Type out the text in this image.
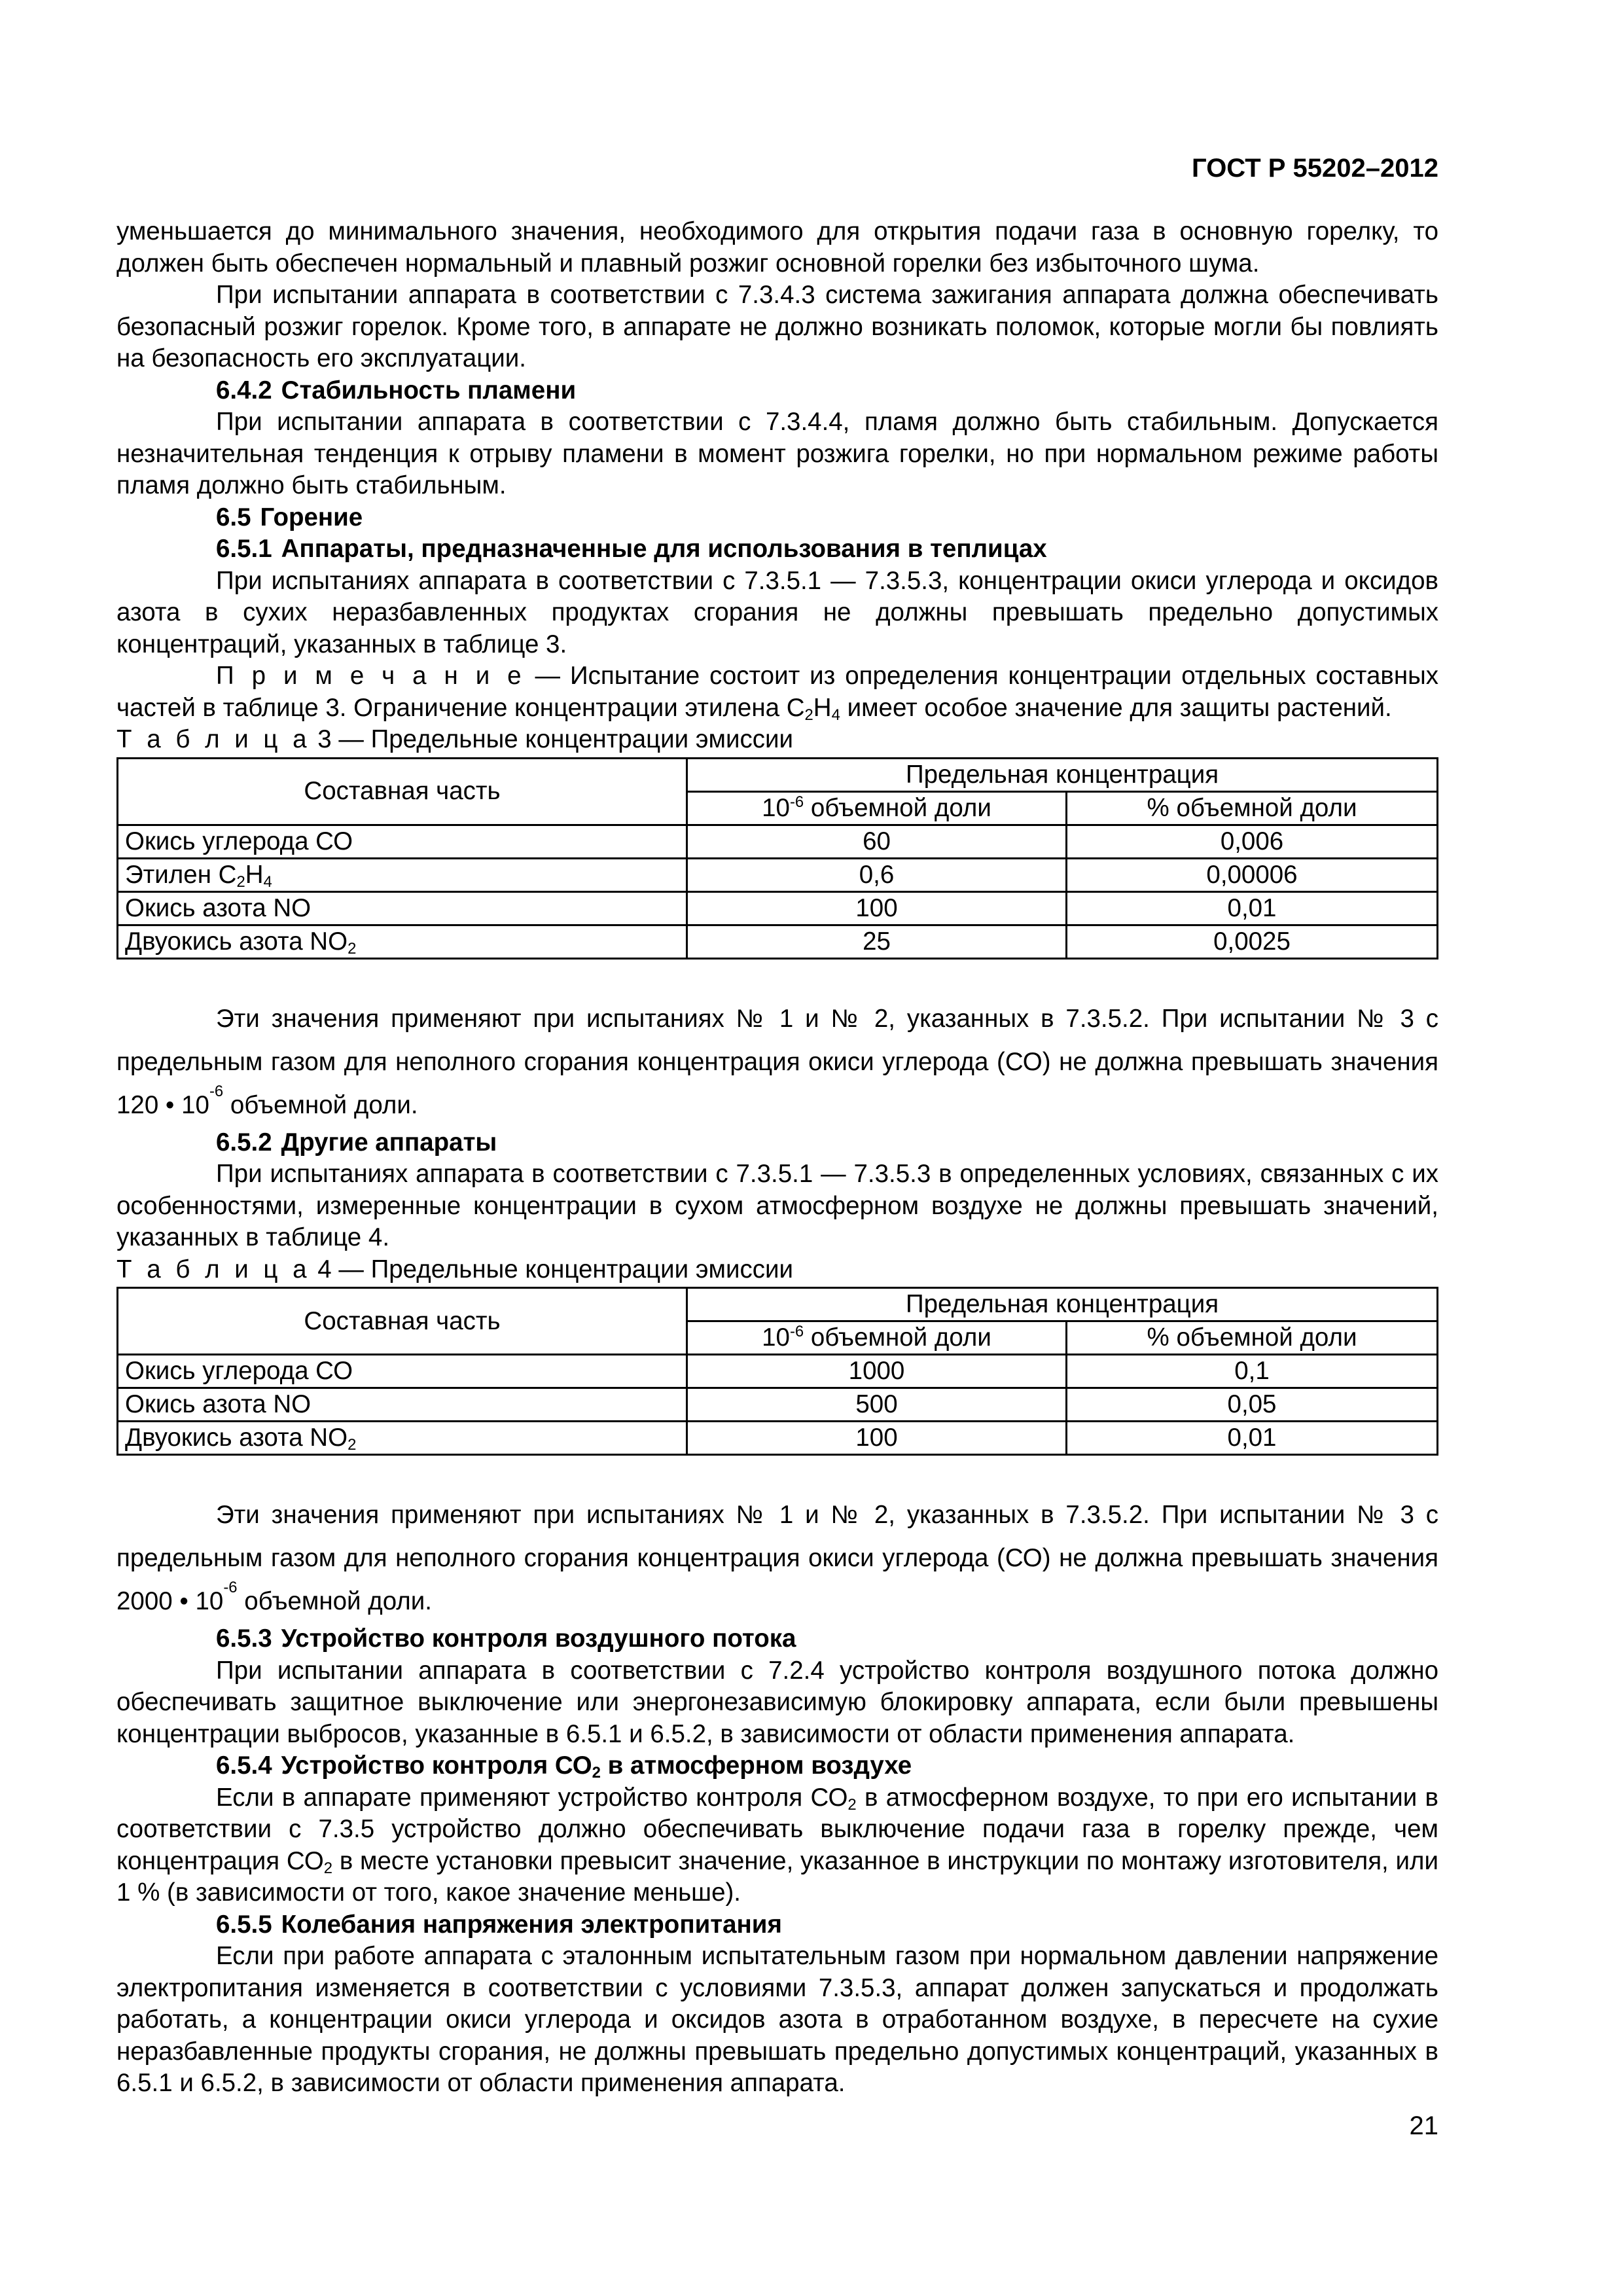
ГОСТ Р 55202–2012

уменьшается до минимального значения, необходимого для открытия подачи газа в основную горелку, то должен быть обеспечен нормальный и плавный розжиг основной горелки без избыточного шума.

При испытании аппарата в соответствии с 7.3.4.3 система зажигания аппарата должна обеспечивать безопасный розжиг горелок. Кроме того, в аппарате не должно возникать поломок, которые могли бы повлиять на безопасность его эксплуатации.

6.4.2 Стабильность пламени

При испытании аппарата в соответствии с 7.3.4.4, пламя должно быть стабильным. Допускается незначительная тенденция к отрыву пламени в момент розжига горелки, но при нормальном режиме работы пламя должно быть стабильным.

6.5 Горение

6.5.1 Аппараты, предназначенные для использования в теплицах

При испытаниях аппарата в соответствии с 7.3.5.1 — 7.3.5.3, концентрации окиси углерода и оксидов азота в сухих неразбавленных продуктах сгорания не должны превышать предельно допустимых концентраций, указанных в таблице 3.

П р и м е ч а н и е — Испытание состоит из определения концентрации отдельных составных частей в таблице 3. Ограничение концентрации этилена $С_2Н_4$ имеет особое значение для защиты растений.

Т а б л и ц а 3 — Предельные концентрации эмиссии

Составная часть	Предельная концентрация	
	$10^{-6}$ объемной доли	% объемной доли
Окись углерода СО	60	0,006
Этилен $С_2Н_4$	0,6	0,00006
Окись азота NO	100	0,01
Двуокись азота $NO_2$	25	0,0025

Эти значения применяют при испытаниях № 1 и № 2, указанных в 7.3.5.2. При испытании № 3 с предельным газом для неполного сгорания концентрация окиси углерода (СО) не должна превышать значения 120 • $10^{-6}$ объемной доли.

6.5.2 Другие аппараты

При испытаниях аппарата в соответствии с 7.3.5.1 — 7.3.5.3 в определенных условиях, связанных с их особенностями, измеренные концентрации в сухом атмосферном воздухе не должны превышать значений, указанных в таблице 4.

Т а б л и ц а 4 — Предельные концентрации эмиссии

Составная часть	Предельная концентрация	
	$10^{-6}$ объемной доли	% объемной доли
Окись углерода СО	1000	0,1
Окись азота NO	500	0,05
Двуокись азота $NO_2$	100	0,01

Эти значения применяют при испытаниях № 1 и № 2, указанных в 7.3.5.2. При испытании № 3 с предельным газом для неполного сгорания концентрация окиси углерода (СО) не должна превышать значения 2000 • $10^{-6}$ объемной доли.

6.5.3 Устройство контроля воздушного потока

При испытании аппарата в соответствии с 7.2.4 устройство контроля воздушного потока должно обеспечивать защитное выключение или энергонезависимую блокировку аппарата, если были превышены концентрации выбросов, указанные в 6.5.1 и 6.5.2, в зависимости от области применения аппарата.

6.5.4 Устройство контроля $СО_2$ в атмосферном воздухе

Если в аппарате применяют устройство контроля $СО_2$ в атмосферном воздухе, то при его испытании в соответствии с 7.3.5 устройство должно обеспечивать выключение подачи газа в горелку прежде, чем концентрация $СО_2$ в месте установки превысит значение, указанное в инструкции по монтажу изготовителя, или 1 % (в зависимости от того, какое значение меньше).

6.5.5 Колебания напряжения электропитания

Если при работе аппарата с эталонным испытательным газом при нормальном давлении напряжение электропитания изменяется в соответствии с условиями 7.3.5.3, аппарат должен запускаться и продолжать работать, а концентрации окиси углерода и оксидов азота в отработанном воздухе, в пересчете на сухие неразбавленные продукты сгорания, не должны превышать предельно допустимых концентраций, указанных в 6.5.1 и 6.5.2, в зависимости от области применения аппарата.

21
